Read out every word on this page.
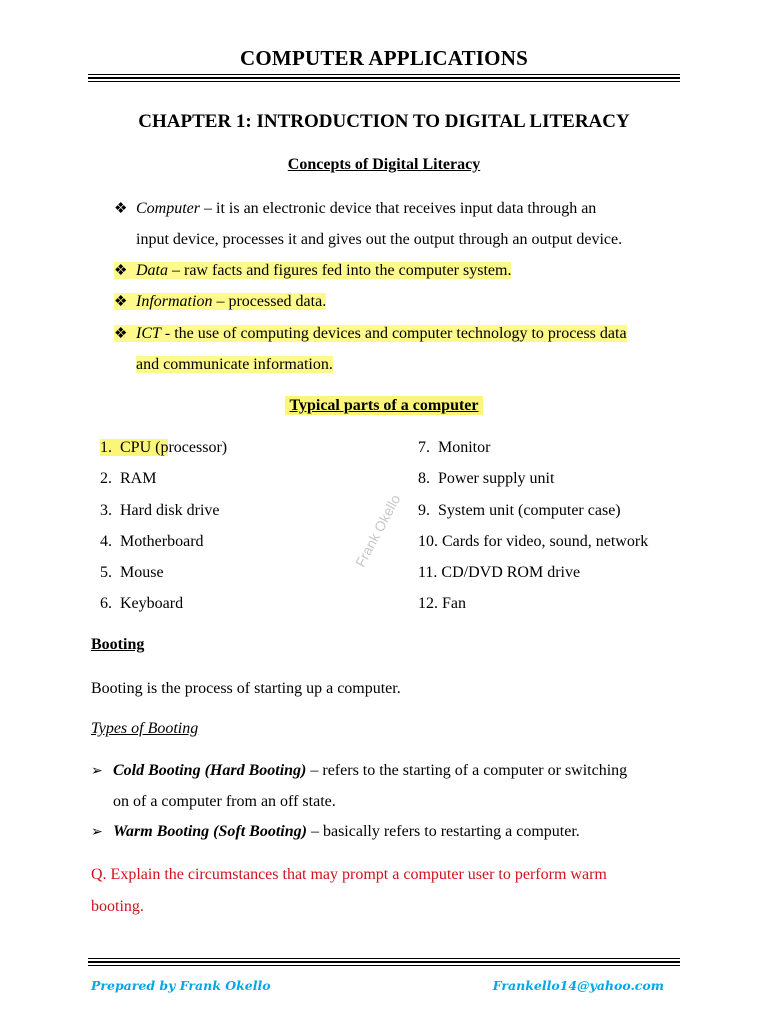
COMPUTER APPLICATIONS
CHAPTER 1: INTRODUCTION TO DIGITAL LITERACY
Concepts of Digital Literacy
❖ Computer – it is an electronic device that receives input data through an
input device, processes it and gives out the output through an output device.
❖ Data – raw facts and figures fed into the computer system.
❖ Information – processed data.
❖ ICT - the use of computing devices and computer technology to process data
and communicate information.
Typical parts of a computer
1.  CPU (processor)
2. RAM
3. Hard disk drive
4. Motherboard
5. Mouse
6. Keyboard
7. Monitor
8. Power supply unit
9. System unit (computer case)
10. Cards for video, sound, network
11. CD/DVD ROM drive
12. Fan
Frank Okello
Booting
Booting is the process of starting up a computer.
Types of Booting
➢ Cold Booting (Hard Booting) – refers to the starting of a computer or switching
on of a computer from an off state.
➢ Warm Booting (Soft Booting) – basically refers to restarting a computer.
Q. Explain the circumstances that may prompt a computer user to perform warm
booting.
Prepared by Frank Okello	Frankello14@yahoo.com
